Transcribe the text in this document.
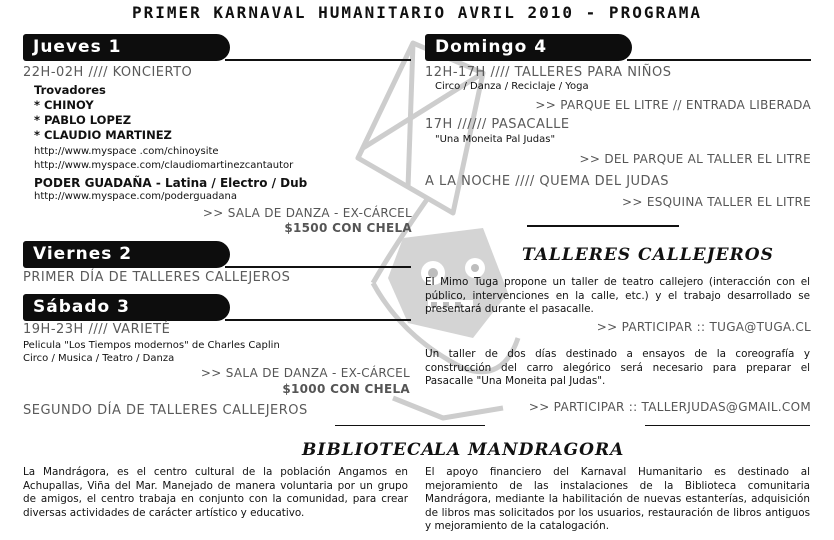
PRIMER KARNAVAL HUMANITARIO AVRIL 2010 - PROGRAMA
Jueves 1
22H-02H //// KONCIERTO
Trovadores
* CHINOY
* PABLO LOPEZ
* CLAUDIO MARTINEZ
http://www.myspace .com/chinoysite
http://www.myspace.com/claudiomartinezcantautor
PODER GUADAÑA - Latina / Electro / Dub
http://www.myspace.com/poderguadana
>> SALA DE DANZA - EX-CÁRCEL
$1500 CON CHELA
Viernes 2
PRIMER DÍA DE TALLERES CALLEJEROS
Sábado 3
19H-23H //// VARIETÉ
Pelicula "Los Tiempos modernos" de Charles Caplin
Circo / Musica / Teatro / Danza
>> SALA DE DANZA - EX-CÁRCEL
$1000 CON CHELA
SEGUNDO DÍA DE TALLERES CALLEJEROS
Domingo 4
12H-17H //// TALLERES PARA NIÑOS
Circo / Danza / Reciclaje / Yoga
>> PARQUE EL LITRE // ENTRADA LIBERADA
17H ////// PASACALLE
"Una Moneita Pal Judas"
>> DEL PARQUE AL TALLER EL LITRE
A LA NOCHE //// QUEMA DEL JUDAS
>> ESQUINA TALLER EL LITRE
TALLERES CALLEJEROS
El Mimo Tuga propone un taller de teatro callejero (interacción con el público, intervenciones en la calle, etc.) y el trabajo desarrollado se presentará durante el pasacalle.
>> PARTICIPAR :: TUGA@TUGA.CL
Un taller de dos días destinado a ensayos de la coreografía y construcción del carro alegórico será necesario para preparar el Pasacalle "Una Moneita pal Judas".
>> PARTICIPAR :: TALLERJUDAS@GMAIL.COM
BIBLIOTECA
LA MANDRAGORA
La Mandrágora, es el centro cultural de la población Angamos en Achupallas, Viña del Mar. Manejado de manera voluntaria por un grupo de amigos, el centro trabaja en conjunto con la comunidad, para crear diversas actividades de carácter artístico y educativo.
El apoyo financiero del Karnaval Humanitario es destinado al mejoramiento de las instalaciones de la Biblioteca comunitaria Mandrágora, mediante la habilitación de nuevas estanterías, adquisición de libros mas solicitados por los usuarios, restauración de libros antiguos y mejoramiento de la catalogación.
